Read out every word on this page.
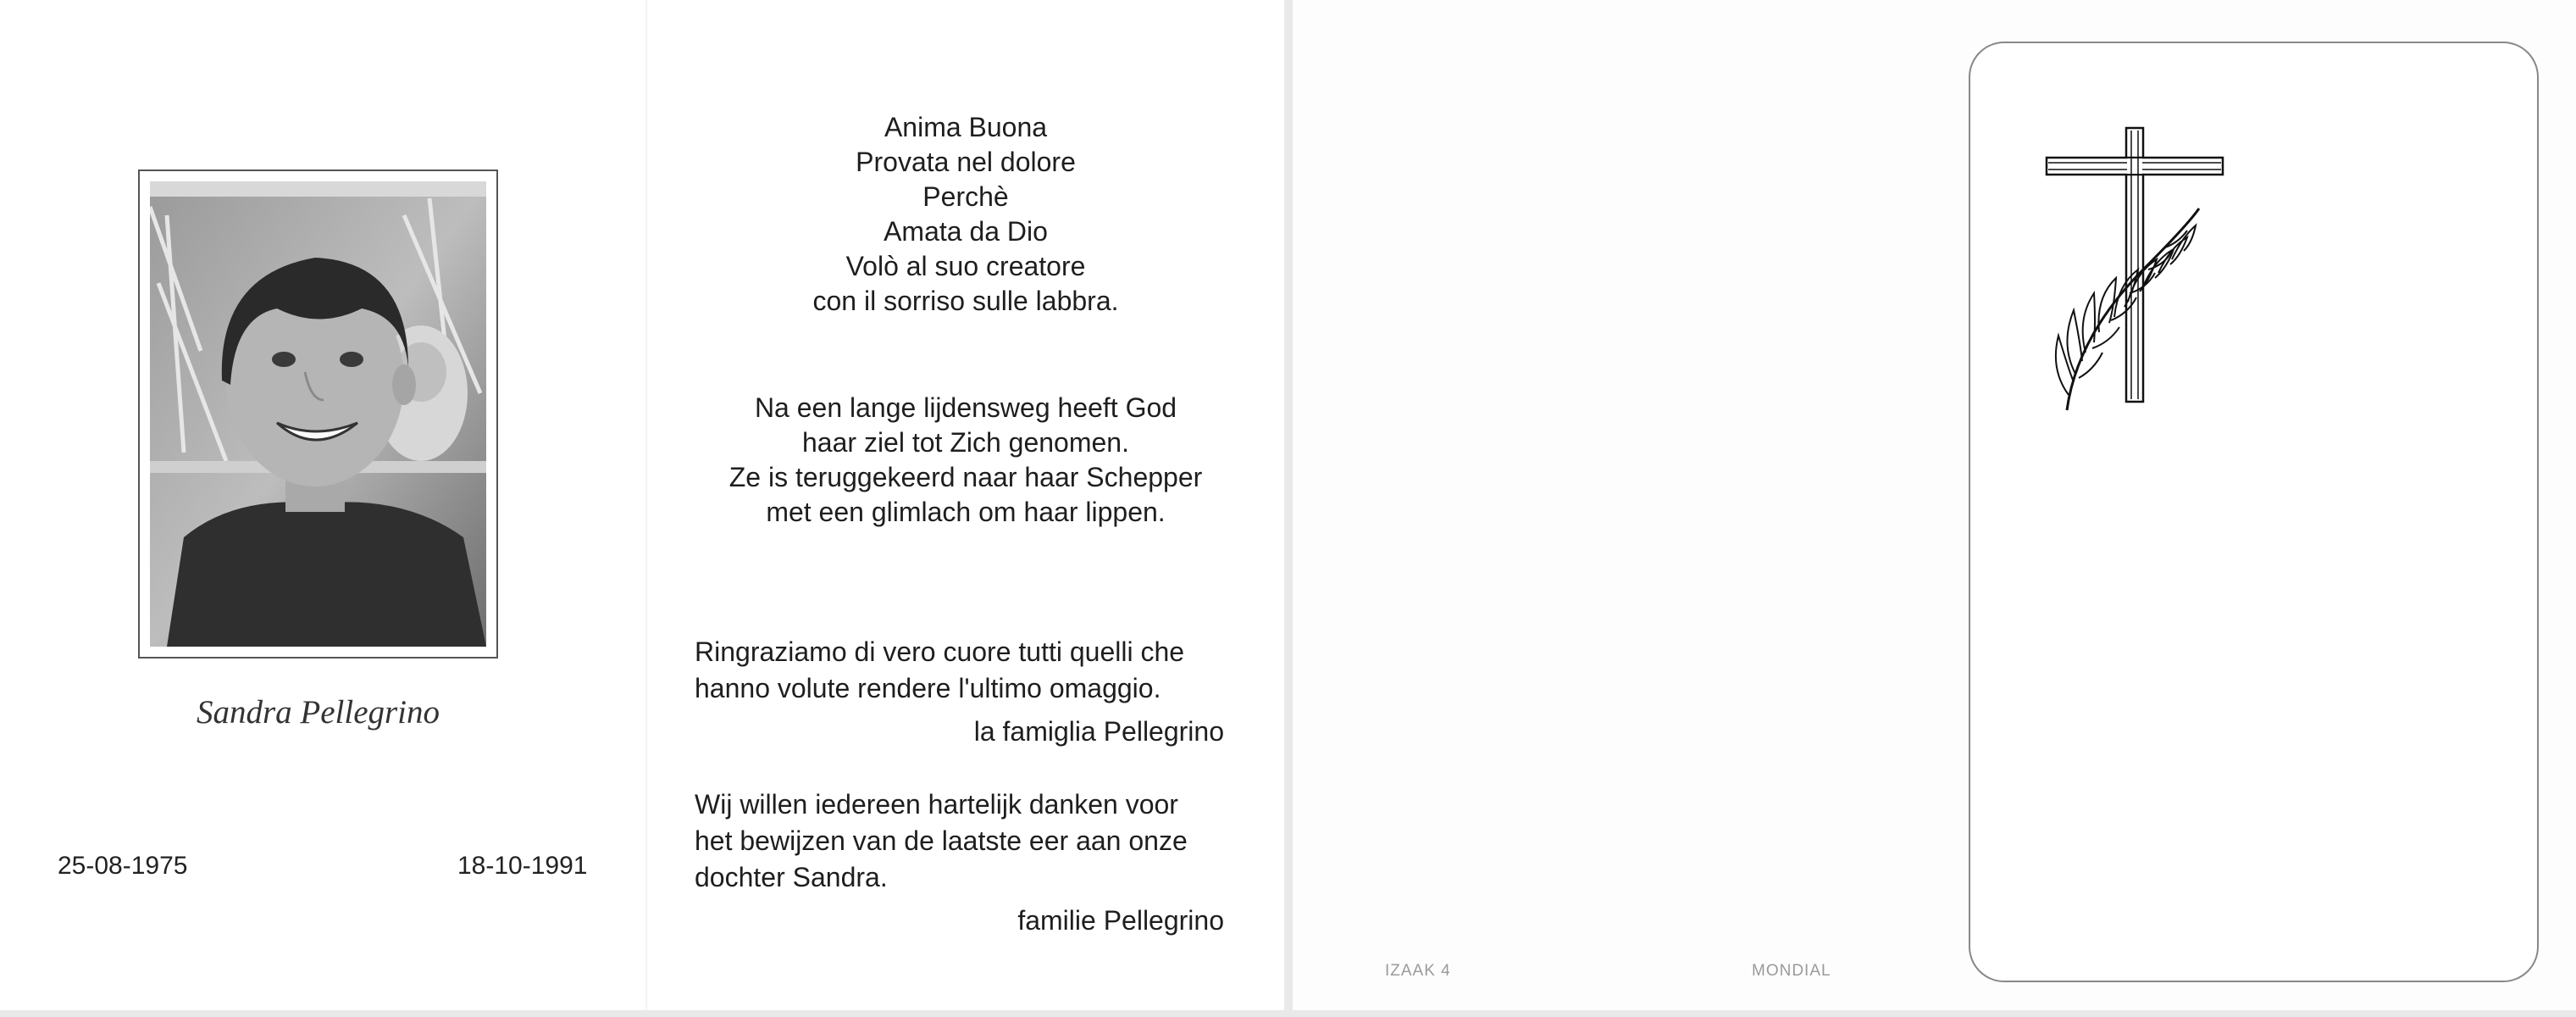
Sandra Pellegrino
25-08-1975	18-10-1991
Anima Buona
Provata nel dolore
Perchè
Amata da Dio
Volò al suo creatore
con il sorriso sulle labbra.
Na een lange lijdensweg heeft God
haar ziel tot Zich genomen.
Ze is teruggekeerd naar haar Schepper
met een glimlach om haar lippen.
Ringraziamo di vero cuore tutti quelli che
hanno volute rendere l'ultimo omaggio.
la famiglia Pellegrino
Wij willen iedereen hartelijk danken voor
het bewijzen van de laatste eer aan onze
dochter Sandra.
familie Pellegrino
IZAAK 4	MONDIAL
